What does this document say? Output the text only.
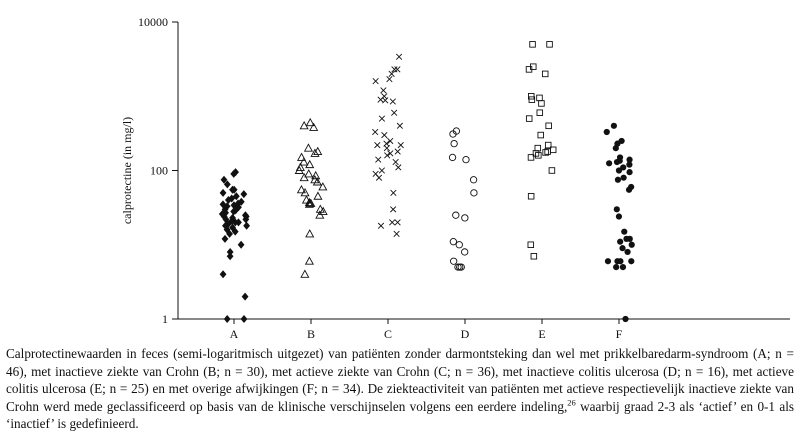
1
100
10000
calprotectine (in mg/l)
A	B	C	D	E	F
Calprotectinewaarden in feces (semi-logaritmisch uitgezet) van patiënten zonder darmontsteking dan wel met prikkelbaredarm-syndroom (A; n = 46), met inactieve ziekte van Crohn (B; n = 30), met actieve ziekte van Crohn (C; n = 36), met inactieve colitis ulcerosa (D; n = 16), met actieve colitis ulcerosa (E; n = 25) en met overige afwijkingen (F; n = 34). De ziekteactiviteit van patiënten met actieve respectievelijk inactieve ziekte van Crohn werd mede geclassificeerd op basis van de klinische verschijnselen volgens een eerdere indeling,$^{26}$ waarbij graad 2-3 als ‘actief’ en 0-1 als ‘inactief’ is gedefinieerd.
